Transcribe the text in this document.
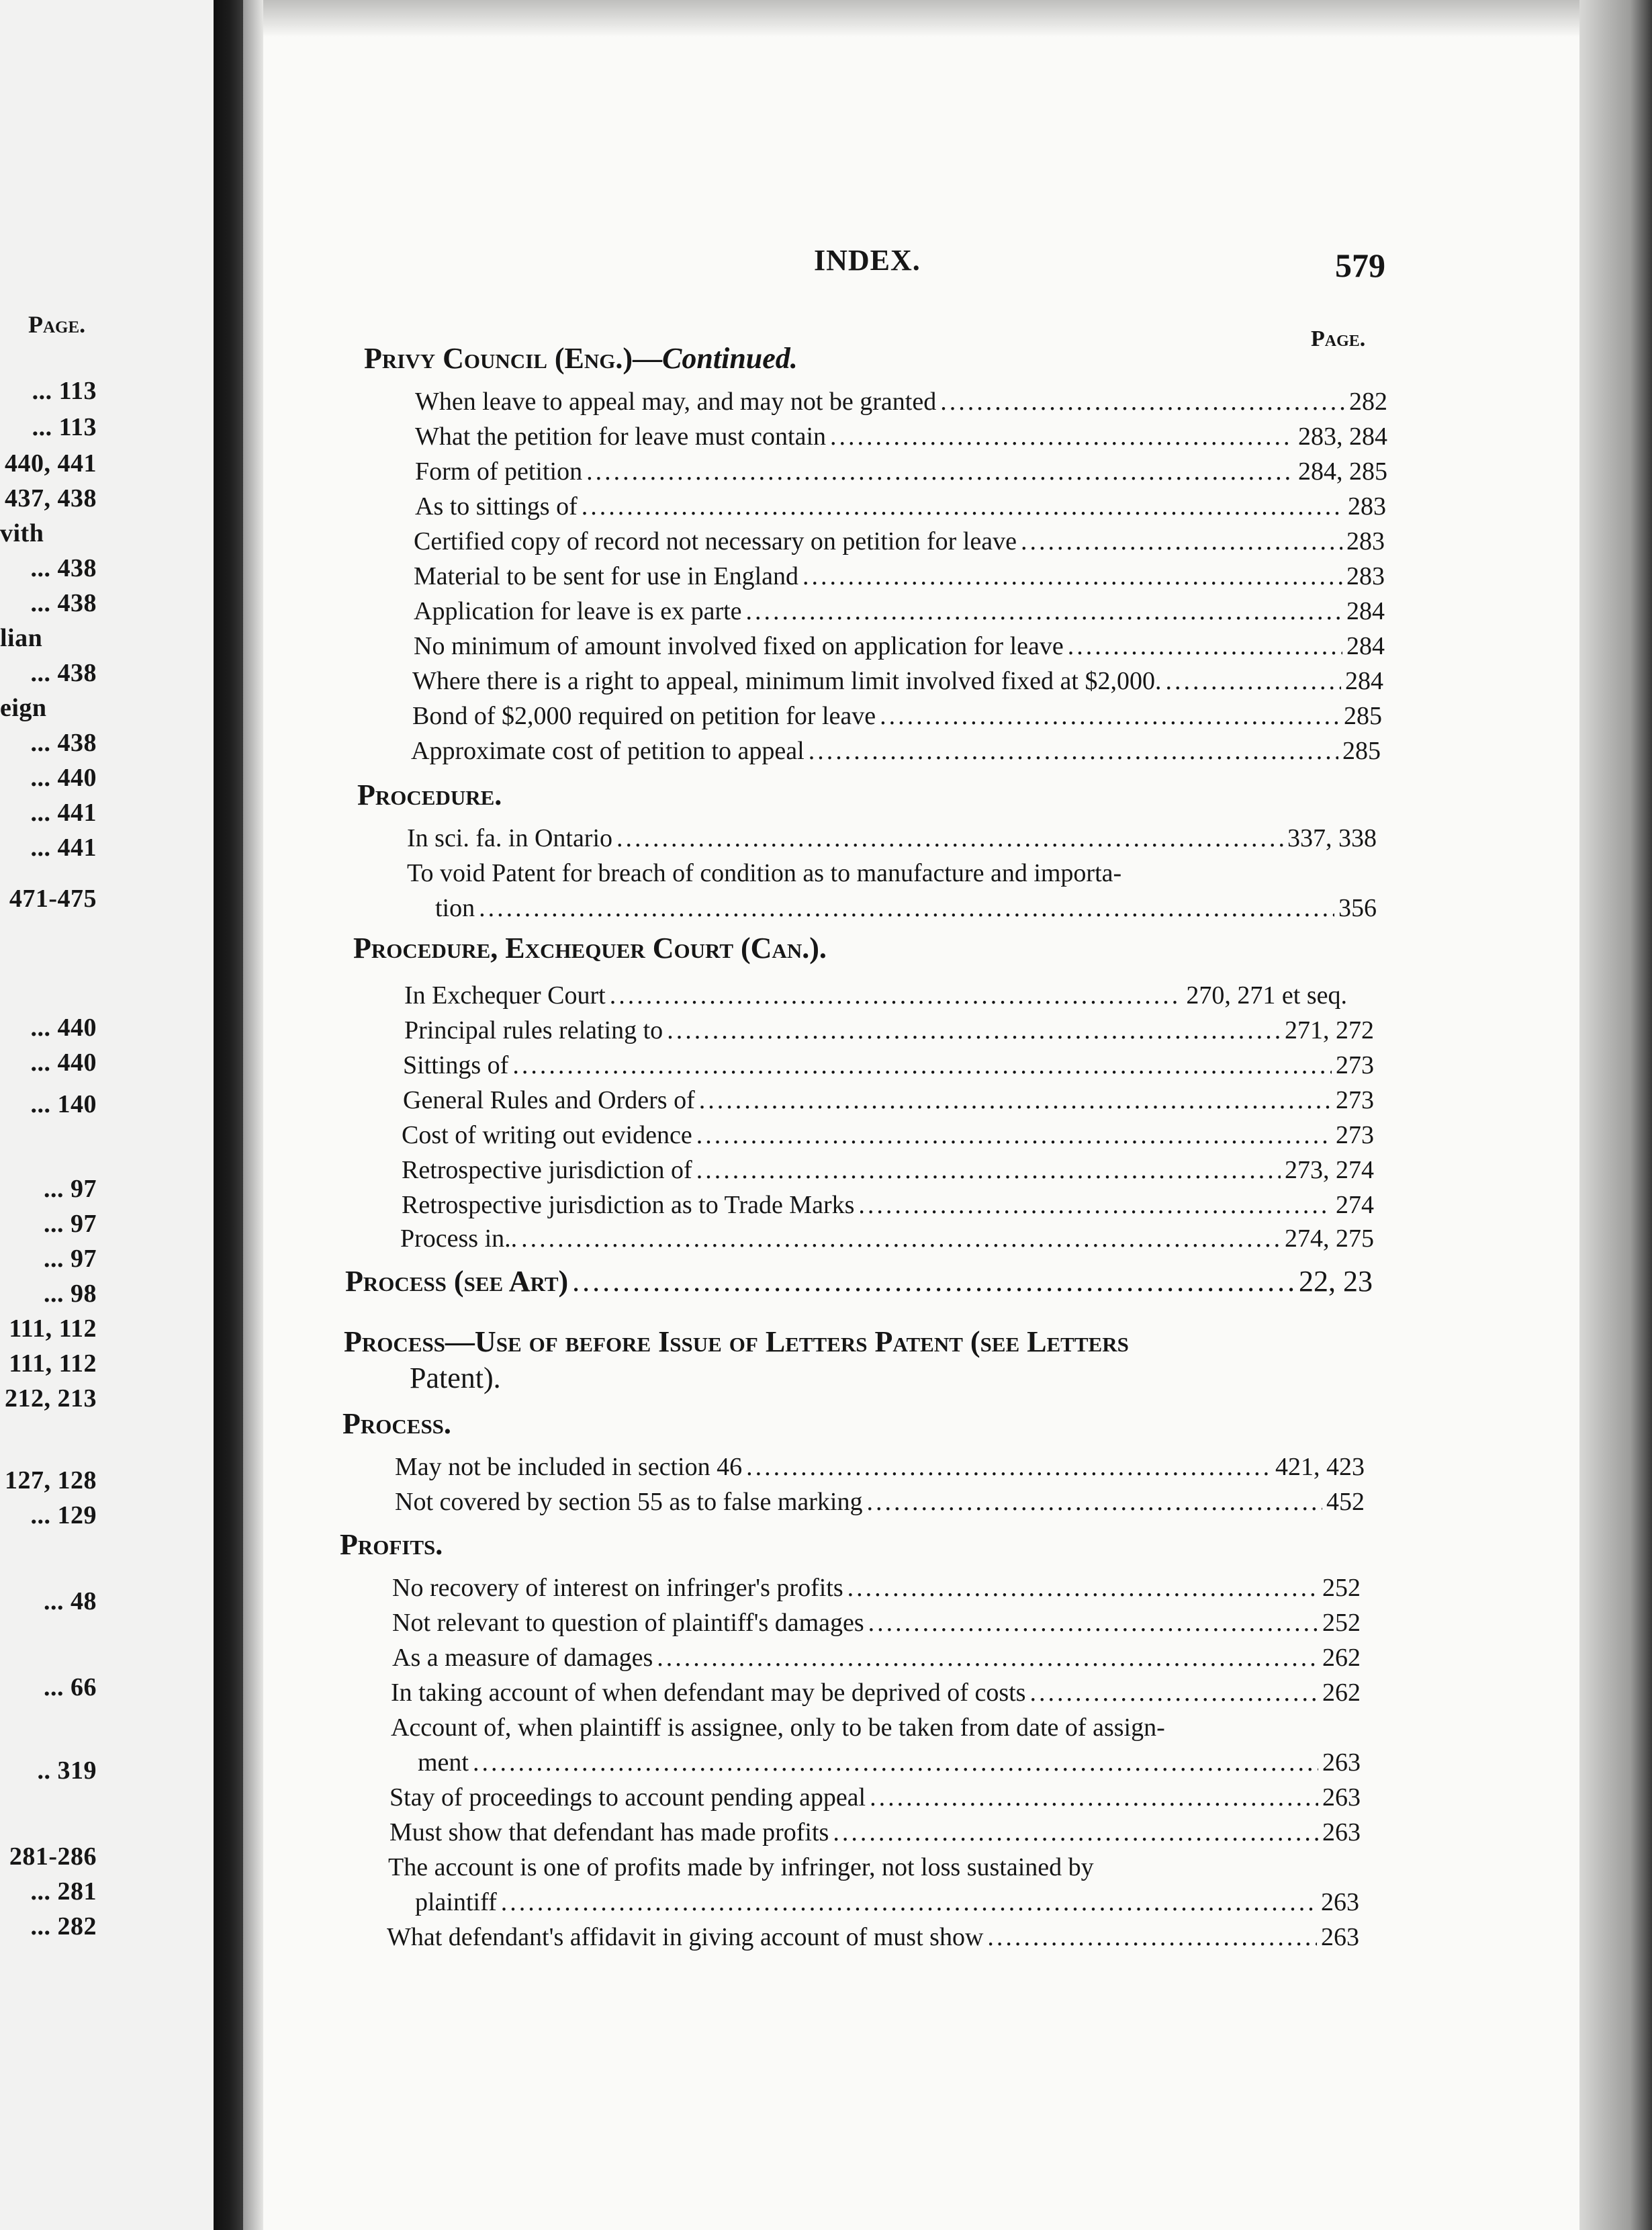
Page.
... 113
... 113
440, 441
437, 438
vith
... 438
... 438
lian
... 438
eign
... 438
... 440
... 441
... 441
471-475
... 440
... 440
... 140
... 97
... 97
... 97
... 98
111, 112
111, 112
212, 213
127, 128
... 129
... 48
... 66
.. 319
281-286
... 281
... 282
INDEX.	579
Page.
Privy Council (Eng.)—Continued.
When leave to appeal may, and may not be granted .....	282
What the petition for leave must contain .....	283, 284
Form of petition .....	284, 285
As to sittings of .....	283
Certified copy of record not necessary on petition for leave .....	283
Material to be sent for use in England .....	283
Application for leave is ex parte .....	284
No minimum of amount involved fixed on application for leave .....	284
Where there is a right to appeal, minimum limit involved fixed at $2,000. .....	284
Bond of $2,000 required on petition for leave .....	285
Approximate cost of petition to appeal .....	285
Procedure.
In sci. fa. in Ontario .....	337, 338
To void Patent for breach of condition as to manufacture and importa-
tion .....	356
Procedure, Exchequer Court (Can.).
In Exchequer Court .....	270, 271 et seq.
Principal rules relating to .....	271, 272
Sittings of .....	273
General Rules and Orders of .....	273
Cost of writing out evidence .....	273
Retrospective jurisdiction of .....	273, 274
Retrospective jurisdiction as to Trade Marks .....	274
Process in.. .....	274, 275
Process (see Art) .....	22, 23
Process—Use of before Issue of Letters Patent (see Letters
Patent).
Process.
May not be included in section 46 .....	421, 423
Not covered by section 55 as to false marking .....	452
Profits.
No recovery of interest on infringer's profits .....	252
Not relevant to question of plaintiff's damages .....	252
As a measure of damages .....	262
In taking account of when defendant may be deprived of costs .....	262
Account of, when plaintiff is assignee, only to be taken from date of assign-
ment .....	263
Stay of proceedings to account pending appeal .....	263
Must show that defendant has made profits .....	263
The account is one of profits made by infringer, not loss sustained by
plaintiff .....	263
What defendant's affidavit in giving account of must show .....	263
